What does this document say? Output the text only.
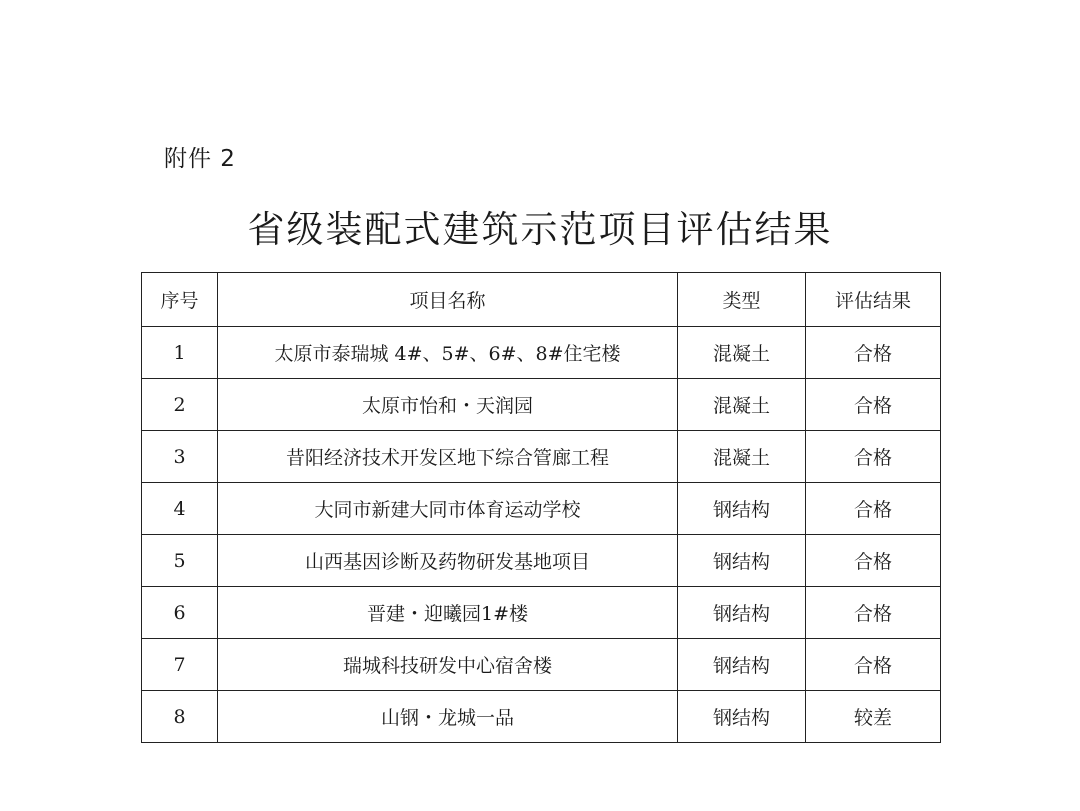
附件 2
省级装配式建筑示范项目评估结果
序号	项目名称	类型	评估结果
1	太原市泰瑞城 4#、5#、6#、8#住宅楼	混凝土	合格
2	太原市怡和・天润园	混凝土	合格
3	昔阳经济技术开发区地下综合管廊工程	混凝土	合格
4	大同市新建大同市体育运动学校	钢结构	合格
5	山西基因诊断及药物研发基地项目	钢结构	合格
6	晋建・迎曦园1#楼	钢结构	合格
7	瑞城科技研发中心宿舍楼	钢结构	合格
8	山钢・龙城一品	钢结构	较差
